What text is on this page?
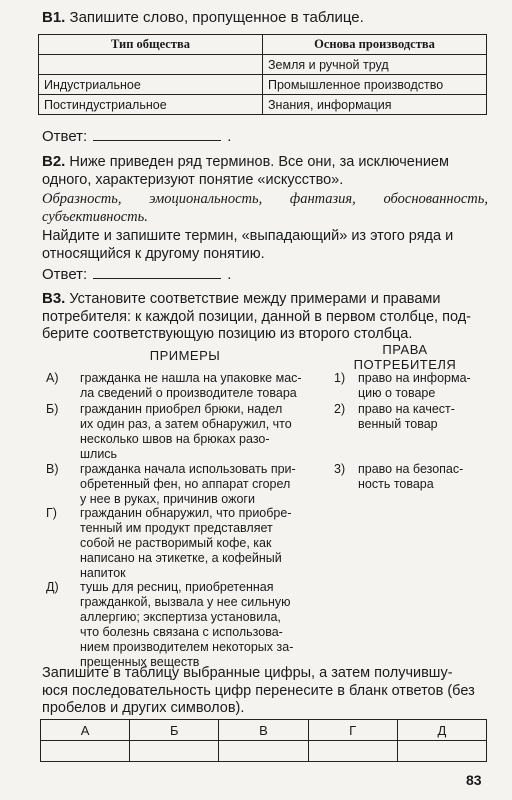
В1. Запишите слово, пропущенное в таблице.
Тип общества	Основа производства
	Земля и ручной труд
Индустриальное	Промышленное производство
Постиндустриальное	Знания, информация
Ответ:	.
В2. Ниже приведен ряд терминов. Все они, за исключением
одного, характеризуют понятие «искусство».
Образность, эмоциональность, фантазия, обоснованность,
субъективность.
Найдите и запишите термин, «выпадающий» из этого ряда и
относящийся к другому понятию.
Ответ:	.
В3. Установите соответствие между примерами и правами
потребителя: к каждой позиции, данной в первом столбце, под-
берите соответствующую позицию из второго столбца.
ПРИМЕРЫ	ПРАВА
ПОТРЕБИТЕЛЯ
А) гражданка не нашла на упаковке мас-
ла сведений о производителе товара
Б) гражданин приобрел брюки, надел
их один раз, а затем обнаружил, что
несколько швов на брюках разо-
шлись
В) гражданка начала использовать при-
обретенный фен, но аппарат сгорел
у нее в руках, причинив ожоги
Г) гражданин обнаружил, что приобре-
тенный им продукт представляет
собой не растворимый кофе, как
написано на этикетке, а кофейный
напиток
Д) тушь для ресниц, приобретенная
гражданкой, вызвала у нее сильную
аллергию; экспертиза установила,
что болезнь связана с использова-
нием производителем некоторых за-
прещенных веществ
1) право на информа-
цию о товаре
2) право на качест-
венный товар
3) право на безопас-
ность товара
Запишите в таблицу выбранные цифры, а затем получившу-
юся последовательность цифр перенесите в бланк ответов (без
пробелов и других символов).
А	Б	В	Г	Д

83
